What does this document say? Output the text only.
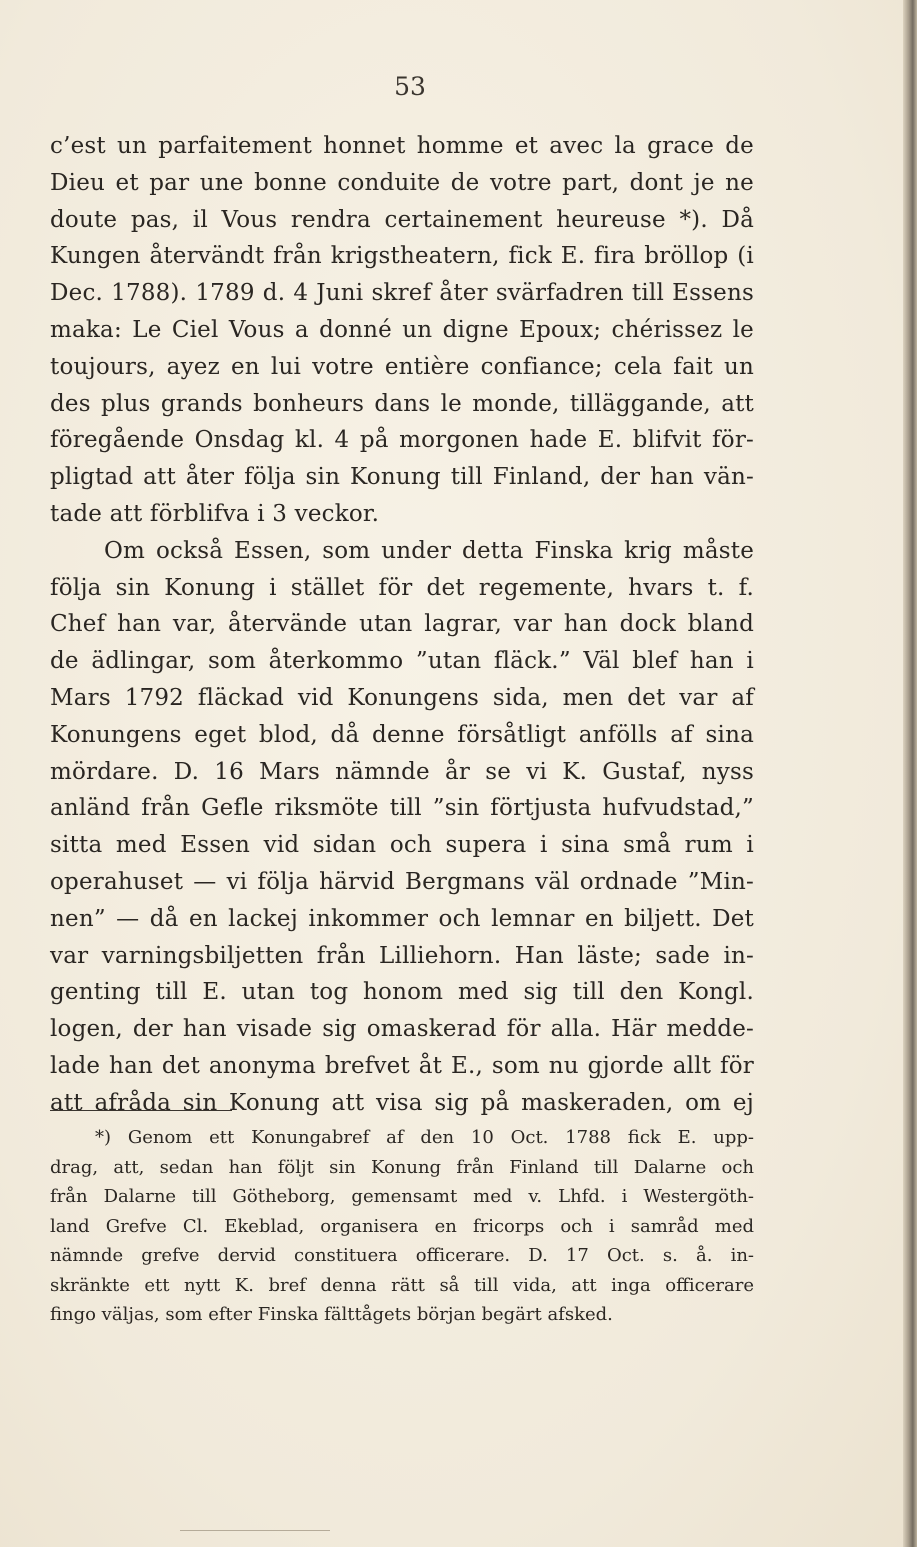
53
c’est un parfaitement honnet homme et avec la grace de
Dieu et par une bonne conduite de votre part, dont je ne
doute pas, il Vous rendra certainement heureuse *). Då
Kungen återvändt från krigstheatern, fick E. fira bröllop (i
Dec. 1788). 1789 d. 4 Juni skref åter svärfadren till Essens
maka: Le Ciel Vous a donné un digne Epoux; chérissez le
toujours, ayez en lui votre entière confiance; cela fait un
des plus grands bonheurs dans le monde, tilläggande, att
föregående Onsdag kl. 4 på morgonen hade E. blifvit för-
pligtad att åter följa sin Konung till Finland, der han vän-
tade att förblifva i 3 veckor.
Om också Essen, som under detta Finska krig måste
följa sin Konung i stället för det regemente, hvars t. f.
Chef han var, återvände utan lagrar, var han dock bland
de ädlingar, som återkommo ”utan fläck.” Väl blef han i
Mars 1792 fläckad vid Konungens sida, men det var af
Konungens eget blod, då denne försåtligt anfölls af sina
mördare. D. 16 Mars nämnde år se vi K. Gustaf, nyss
anländ från Gefle riksmöte till ”sin förtjusta hufvudstad,”
sitta med Essen vid sidan och supera i sina små rum i
operahuset — vi följa härvid Bergmans väl ordnade ”Min-
nen” — då en lackej inkommer och lemnar en biljett. Det
var varningsbiljetten från Lilliehorn. Han läste; sade in-
genting till E. utan tog honom med sig till den Kongl.
logen, der han visade sig omaskerad för alla. Här medde-
lade han det anonyma brefvet åt E., som nu gjorde allt för
att afråda sin Konung att visa sig på maskeraden, om ej
*) Genom ett Konungabref af den 10 Oct. 1788 fick E. upp-
drag, att, sedan han följt sin Konung från Finland till Dalarne och
från Dalarne till Götheborg, gemensamt med v. Lhfd. i Westergöth-
land Grefve Cl. Ekeblad, organisera en fricorps och i samråd med
nämnde grefve dervid constituera officerare. D. 17 Oct. s. å. in-
skränkte ett nytt K. bref denna rätt så till vida, att inga officerare
fingo väljas, som efter Finska fälttågets början begärt afsked.
